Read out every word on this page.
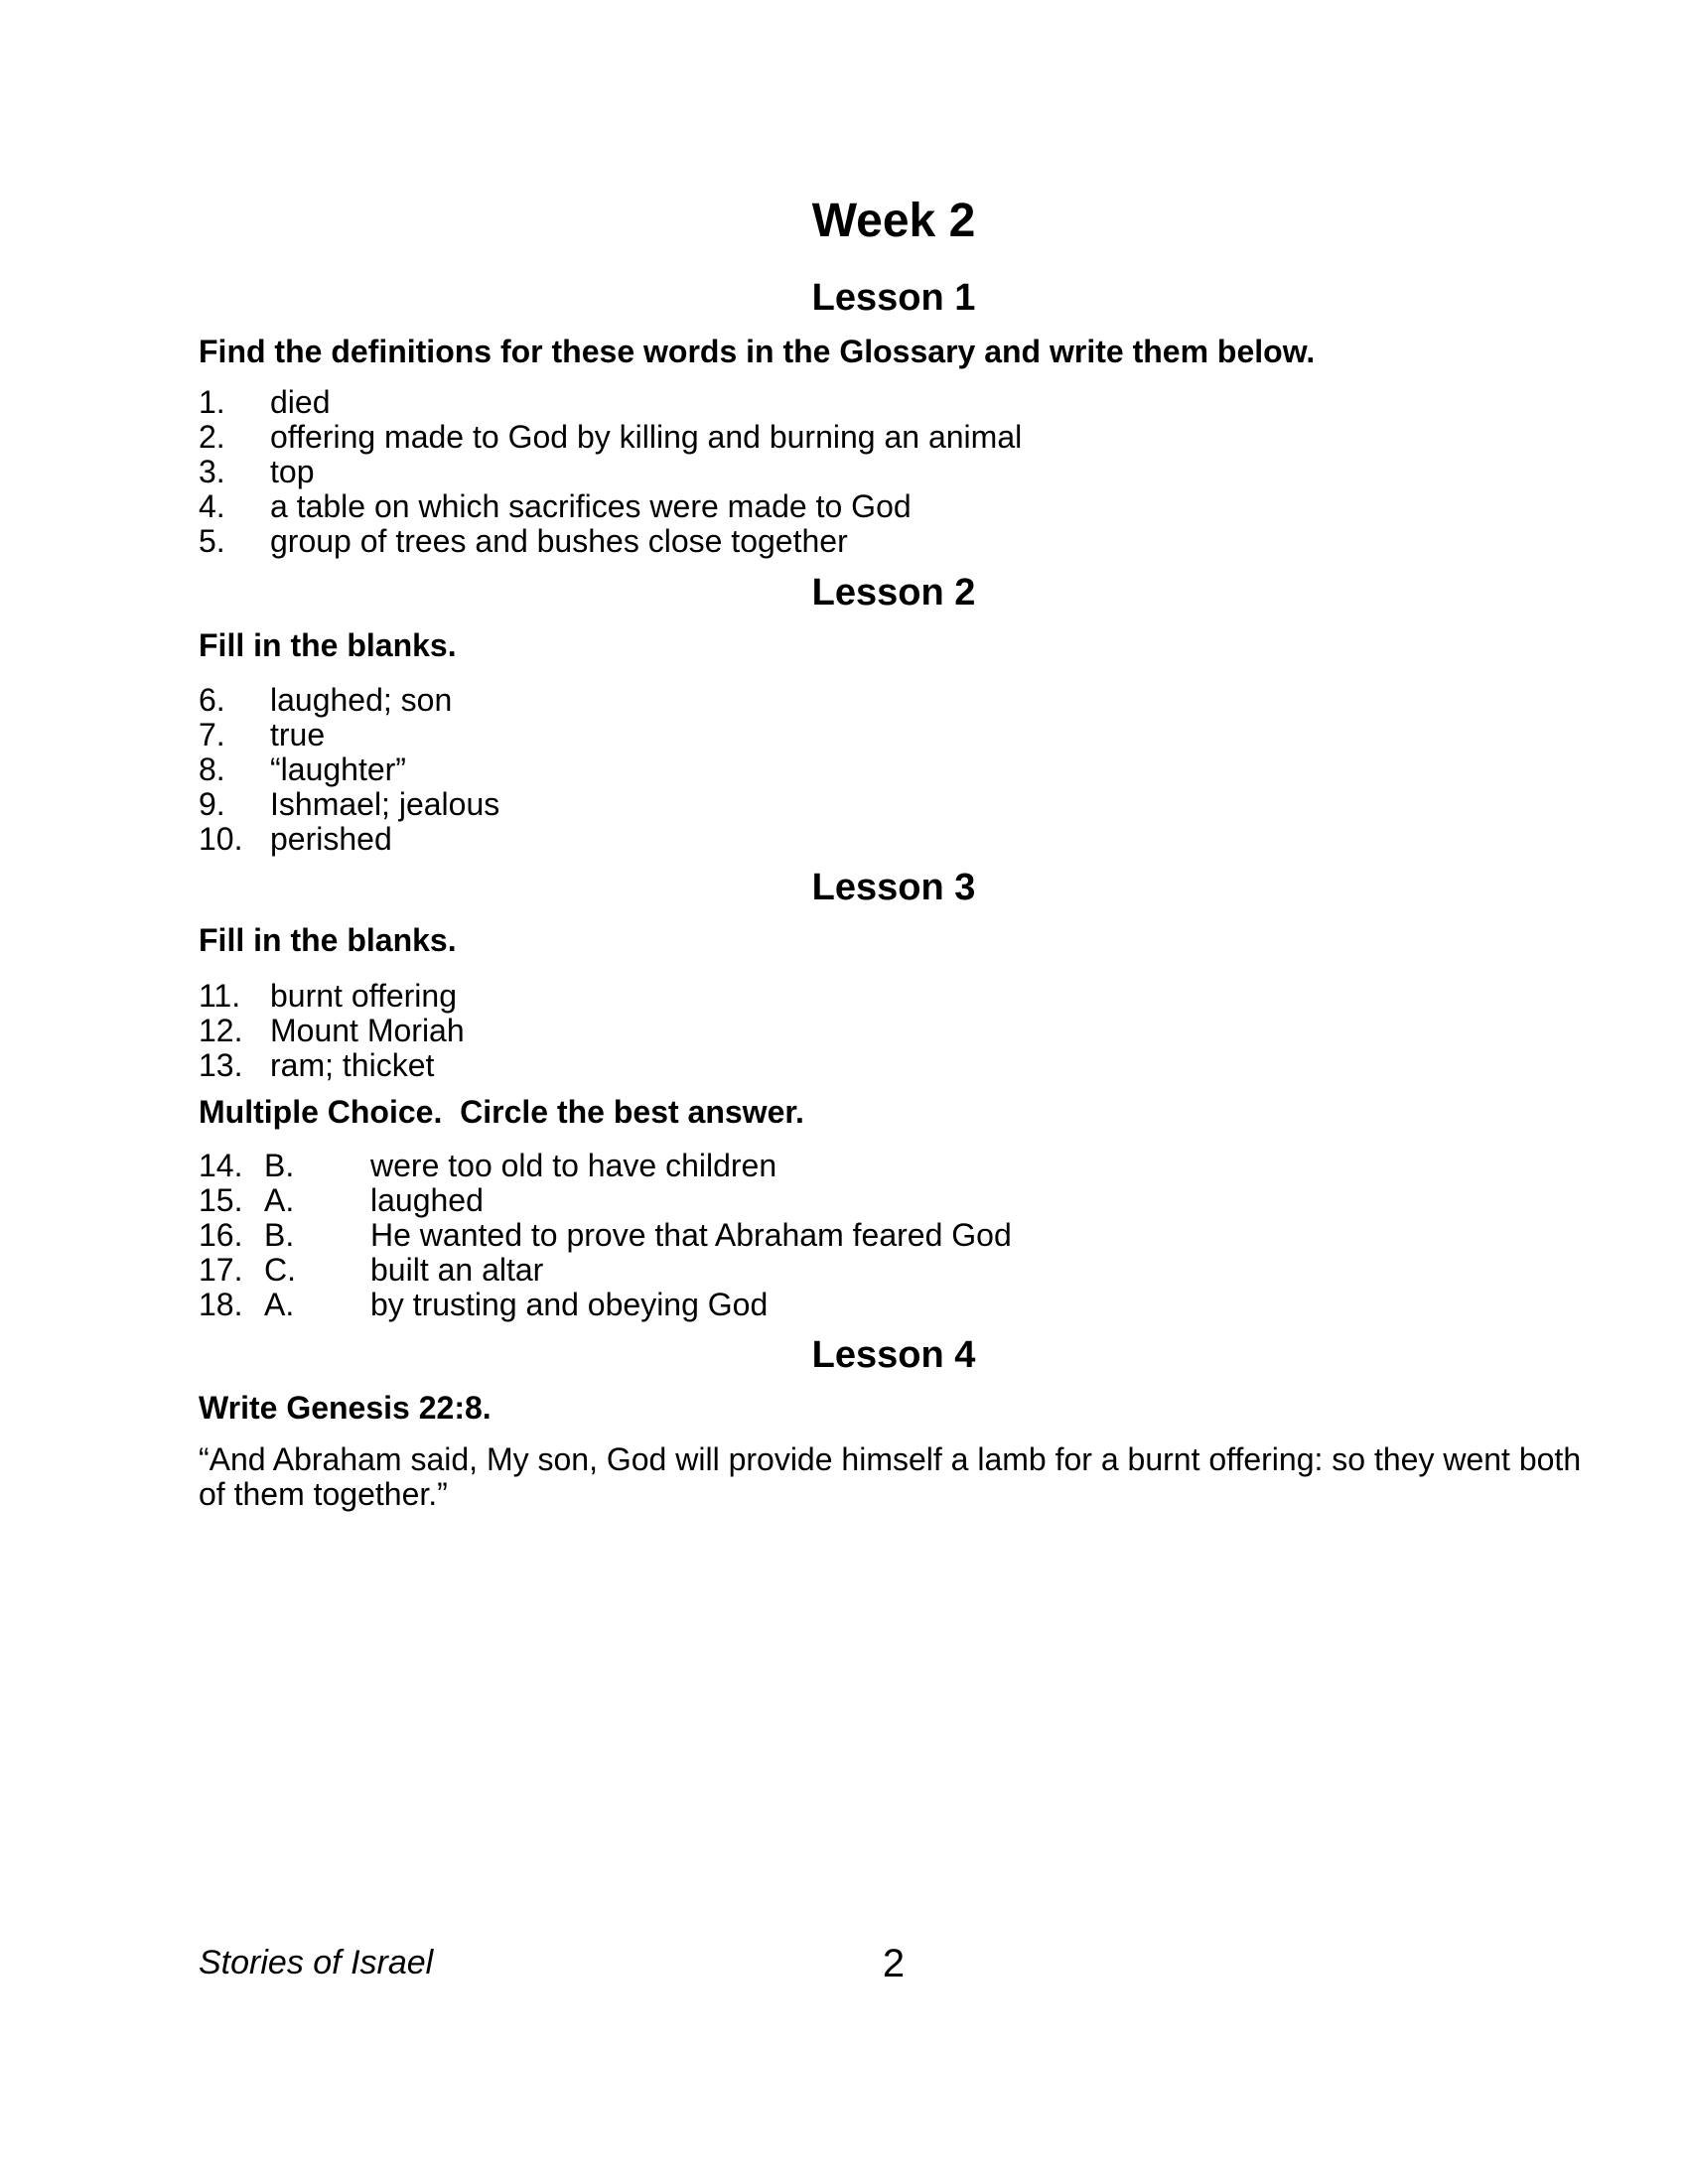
Week 2
Lesson 1
Find the definitions for these words in the Glossary and write them below.
1.	died
2.	offering made to God by killing and burning an animal
3.	top
4.	a table on which sacrifices were made to God
5.	group of trees and bushes close together
Lesson 2
Fill in the blanks.
6.	laughed; son
7.	true
8.	“laughter”
9.	Ishmael; jealous
10. perished
Lesson 3
Fill in the blanks.
11. burnt offering
12. Mount Moriah
13. ram; thicket
Multiple Choice.  Circle the best answer.
14. B.	were too old to have children
15. A.	laughed
16. B.	He wanted to prove that Abraham feared God
17. C.	built an altar
18. A.	by trusting and obeying God
Lesson 4
Write Genesis 22:8.
“And Abraham said, My son, God will provide himself a lamb for a burnt offering: so they went both of them together.”
Stories of Israel	2
